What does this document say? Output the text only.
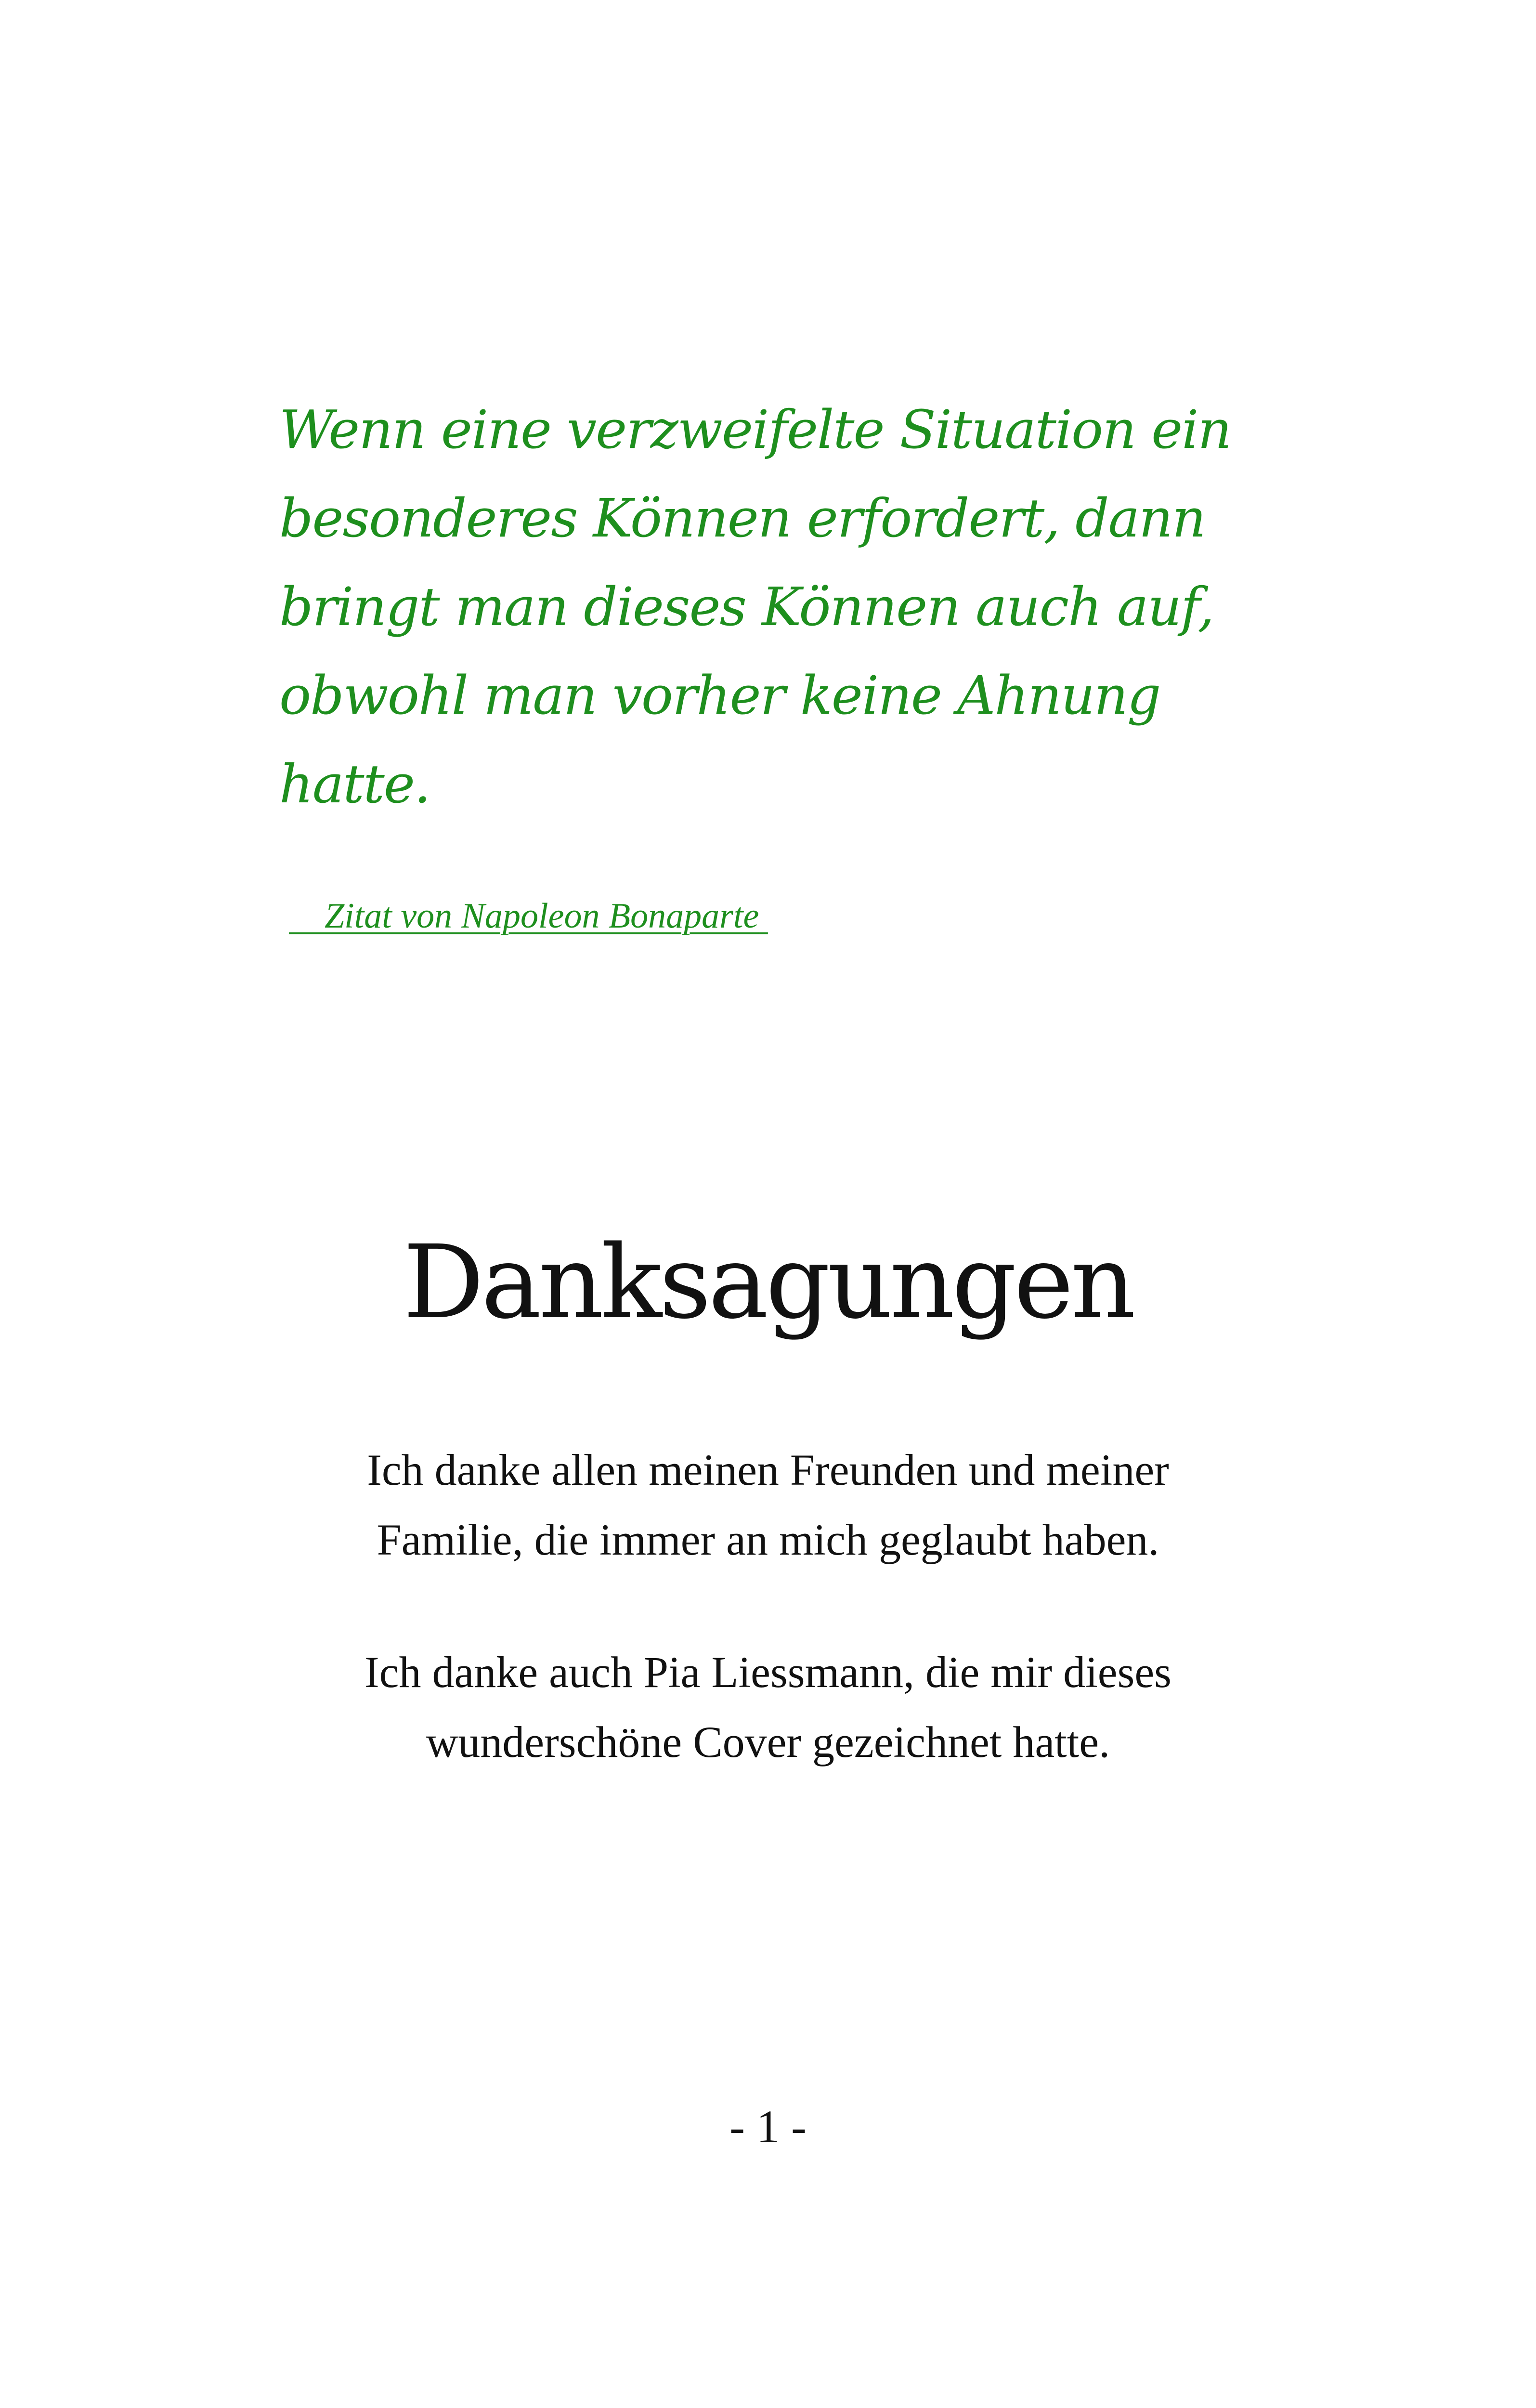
Wenn eine verzweifelte Situation ein
besonderes Können erfordert, dann
bringt man dieses Können auch auf,
obwohl man vorher keine Ahnung
hatte.
Zitat von Napoleon Bonaparte
Danksagungen
Ich danke allen meinen Freunden und meiner
Familie, die immer an mich geglaubt haben.
Ich danke auch Pia Liessmann, die mir dieses
wunderschöne Cover gezeichnet hatte.
- 1 -
